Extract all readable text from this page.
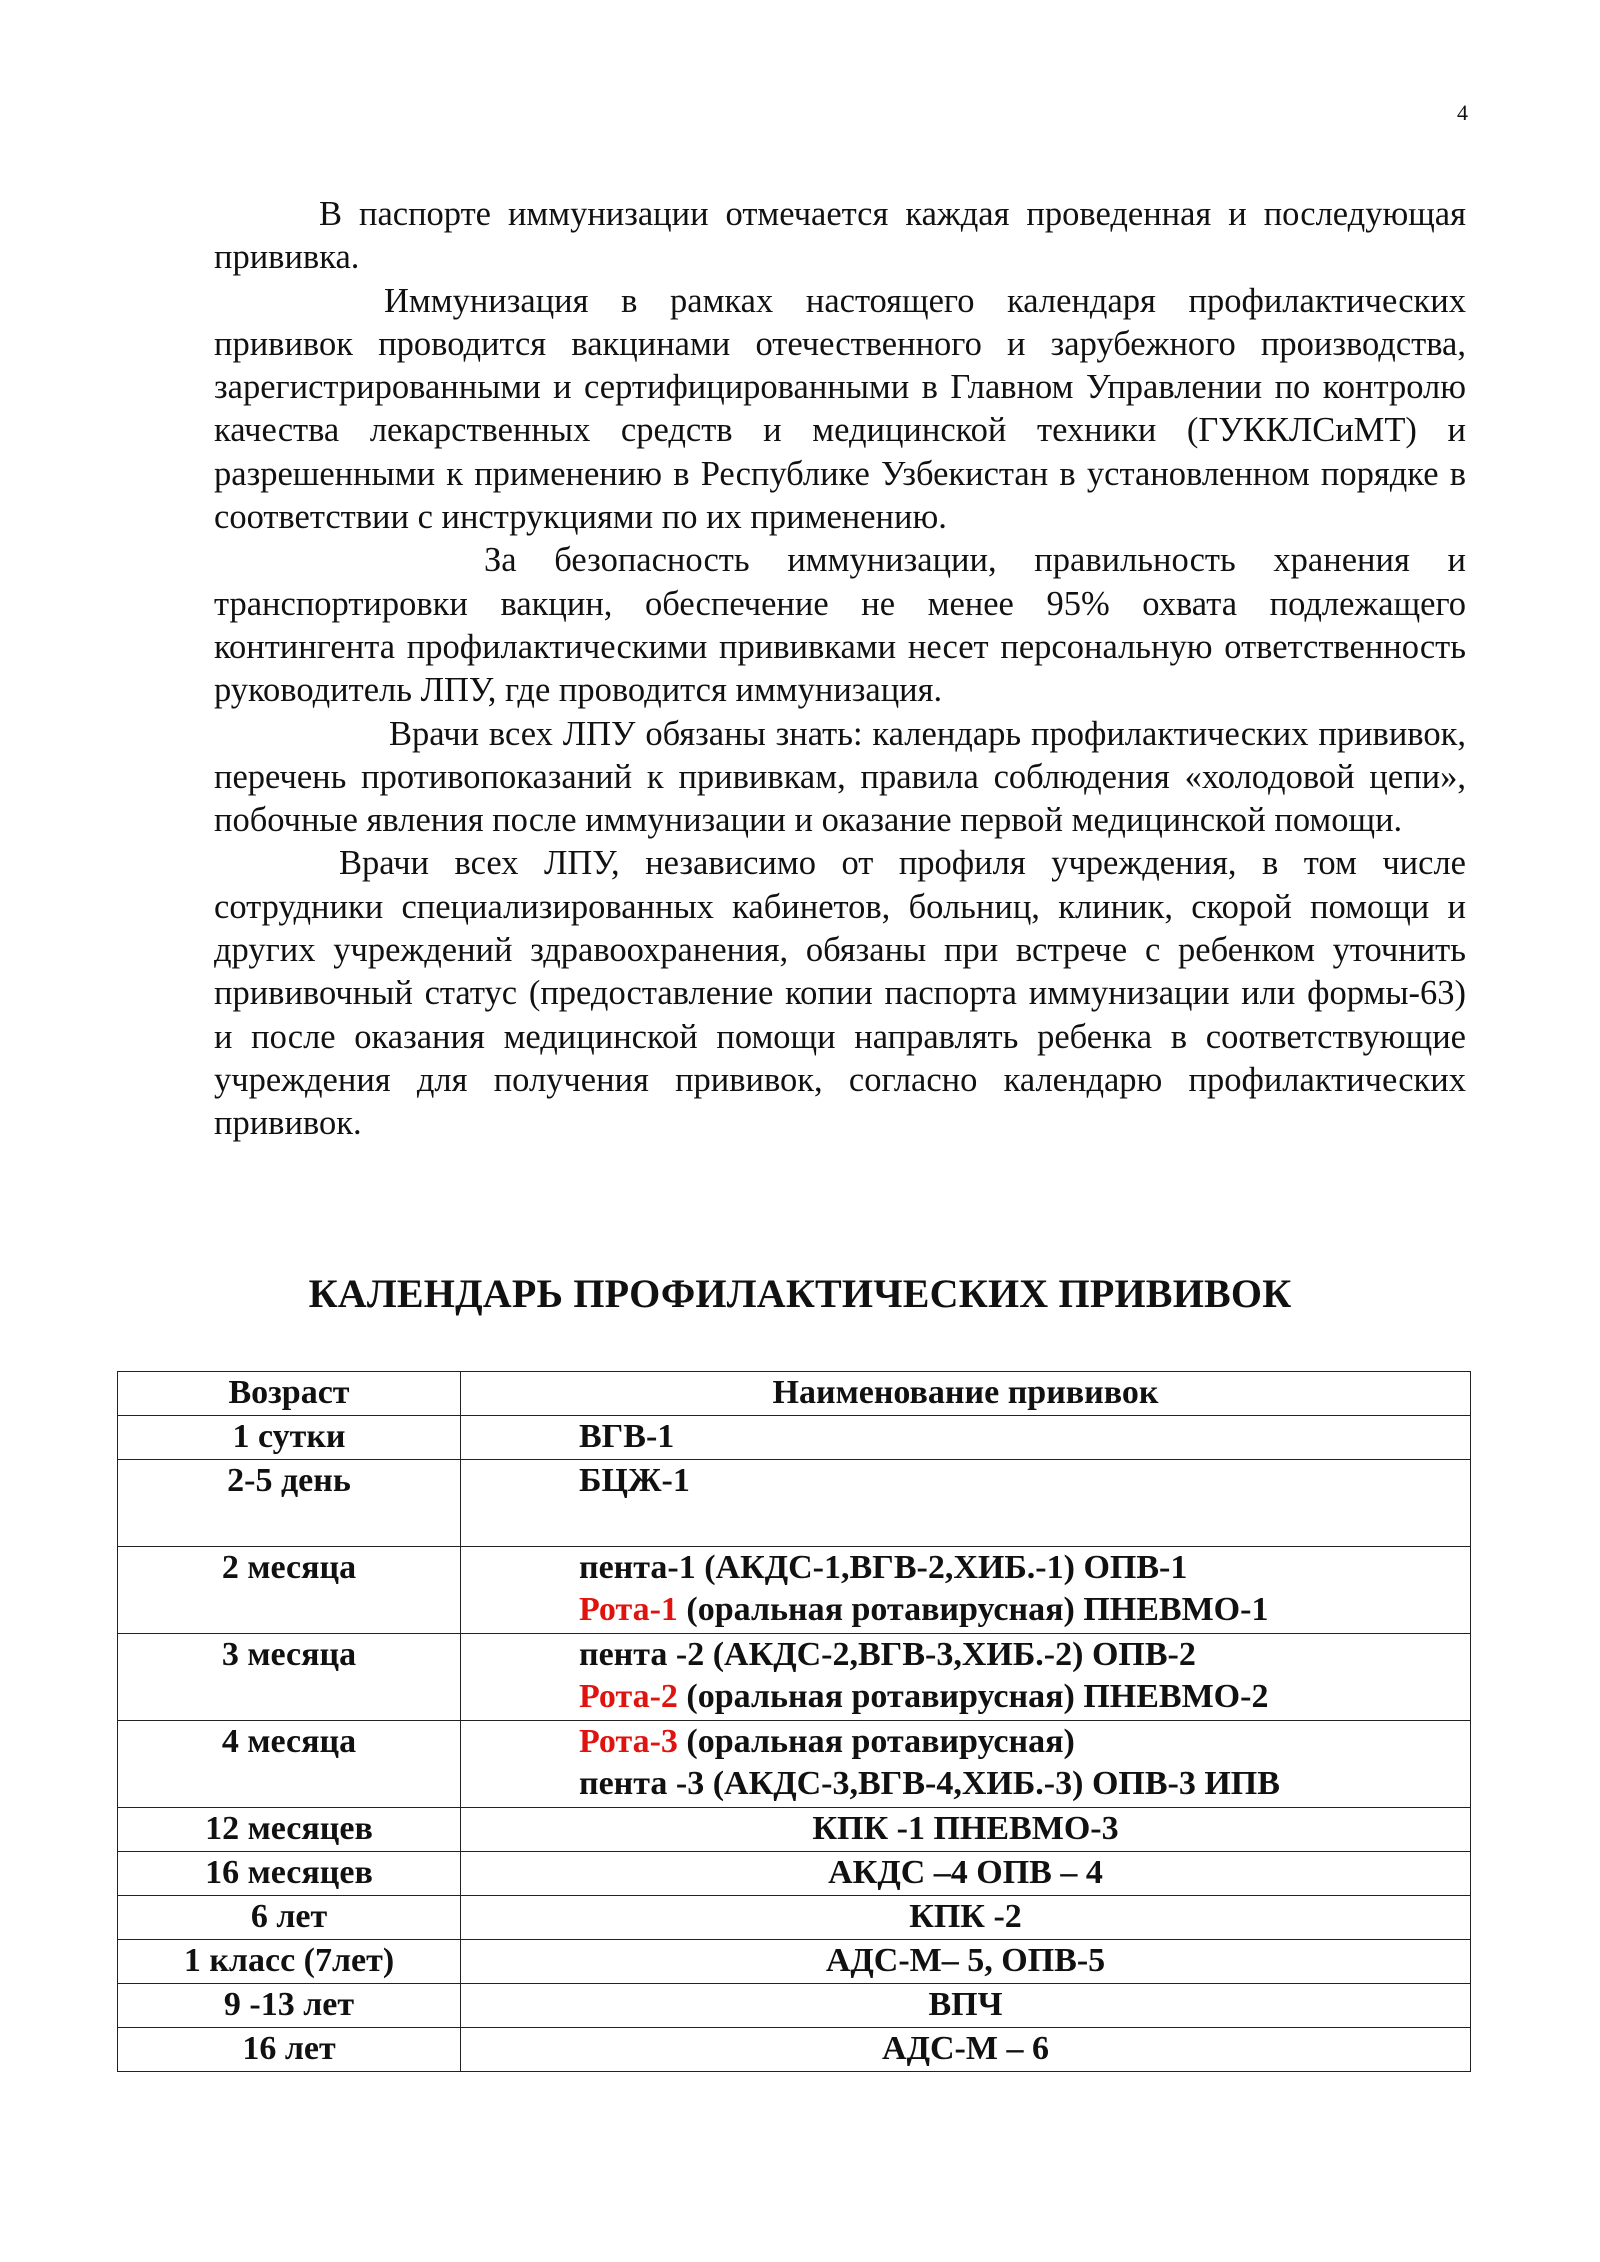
4

В паспорте иммунизации отмечается каждая проведенная и последующая прививка.

Иммунизация в рамках настоящего календаря профилактических прививок проводится вакцинами отечественного и зарубежного производства, зарегистрированными и сертифицированными в Главном Управлении по контролю качества лекарственных средств и медицинской техники (ГУККЛСиМТ) и разрешенными к применению в Республике Узбекистан в установленном порядке в соответствии с инструкциями по их применению.

За безопасность иммунизации, правильность хранения и транспортировки вакцин, обеспечение не менее 95% охвата подлежащего контингента профилактическими прививками несет персональную ответственность руководитель ЛПУ, где проводится иммунизация.

Врачи всех ЛПУ обязаны знать: календарь профилактических прививок, перечень противопоказаний к прививкам, правила соблюдения «холодовой цепи», побочные явления после иммунизации и оказание первой медицинской помощи.

Врачи всех ЛПУ, независимо от профиля учреждения, в том числе сотрудники специализированных кабинетов, больниц, клиник, скорой помощи и других учреждений здравоохранения, обязаны при встрече с ребенком уточнить прививочный статус (предоставление копии паспорта иммунизации или формы-63) и после оказания медицинской помощи направлять ребенка в соответствующие учреждения для получения прививок, согласно календарю профилактических прививок.

КАЛЕНДАРЬ ПРОФИЛАКТИЧЕСКИХ ПРИВИВОК
Возраст	Наименование прививок
1 сутки	ВГВ-1
2-5 день	БЦЖ-1
2 месяца	пента-1 (АКДС-1,ВГВ-2,ХИБ.-1) ОПВ-1
Рота-1 (оральная ротавирусная) ПНЕВМО-1

3 месяца	пента -2 (АКДС-2,ВГВ-3,ХИБ.-2) ОПВ-2
Рота-2 (оральная ротавирусная) ПНЕВМО-2

4 месяца	Рота-3 (оральная ротавирусная)
пента -3 (АКДС-3,ВГВ-4,ХИБ.-3) ОПВ-3 ИПВ

12 месяцев	КПК -1 ПНЕВМО-3
16 месяцев	АКДС –4 ОПВ – 4
6 лет	КПК -2
1 класс (7лет)	АДС-М– 5, ОПВ-5
9 -13 лет	ВПЧ
16 лет	АДС-М – 6
